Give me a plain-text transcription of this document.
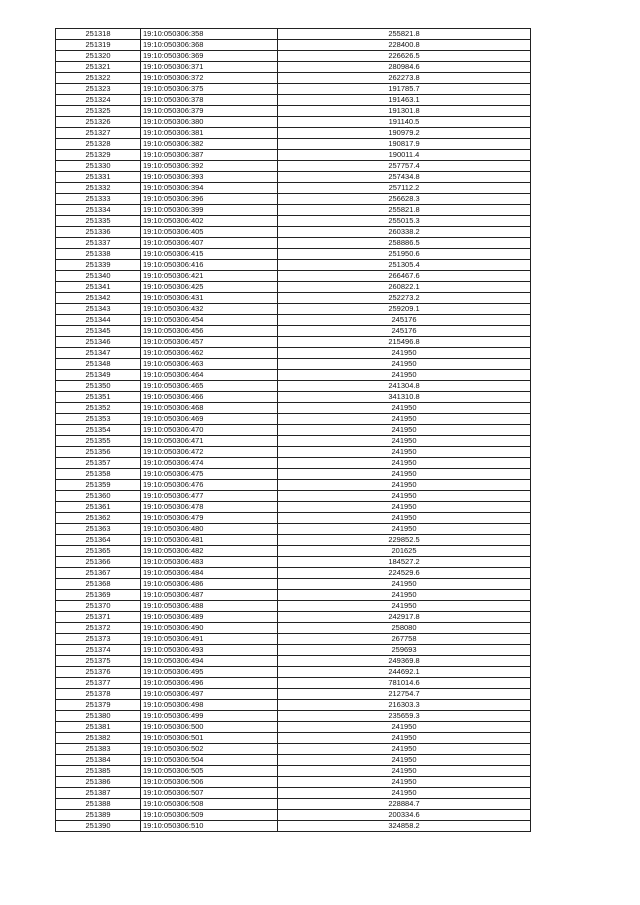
251318	19:10:050306:358	255821.8
251319	19:10:050306:368	228400.8
251320	19:10:050306:369	226626.5
251321	19:10:050306:371	280984.6
251322	19:10:050306:372	262273.8
251323	19:10:050306:375	191785.7
251324	19:10:050306:378	191463.1
251325	19:10:050306:379	191301.8
251326	19:10:050306:380	191140.5
251327	19:10:050306:381	190979.2
251328	19:10:050306:382	190817.9
251329	19:10:050306:387	190011.4
251330	19:10:050306:392	257757.4
251331	19:10:050306:393	257434.8
251332	19:10:050306:394	257112.2
251333	19:10:050306:396	256628.3
251334	19:10:050306:399	255821.8
251335	19:10:050306:402	255015.3
251336	19:10:050306:405	260338.2
251337	19:10:050306:407	258886.5
251338	19:10:050306:415	251950.6
251339	19:10:050306:416	251305.4
251340	19:10:050306:421	266467.6
251341	19:10:050306:425	260822.1
251342	19:10:050306:431	252273.2
251343	19:10:050306:432	259209.1
251344	19:10:050306:454	245176
251345	19:10:050306:456	245176
251346	19:10:050306:457	215496.8
251347	19:10:050306:462	241950
251348	19:10:050306:463	241950
251349	19:10:050306:464	241950
251350	19:10:050306:465	241304.8
251351	19:10:050306:466	341310.8
251352	19:10:050306:468	241950
251353	19:10:050306:469	241950
251354	19:10:050306:470	241950
251355	19:10:050306:471	241950
251356	19:10:050306:472	241950
251357	19:10:050306:474	241950
251358	19:10:050306:475	241950
251359	19:10:050306:476	241950
251360	19:10:050306:477	241950
251361	19:10:050306:478	241950
251362	19:10:050306:479	241950
251363	19:10:050306:480	241950
251364	19:10:050306:481	229852.5
251365	19:10:050306:482	201625
251366	19:10:050306:483	184527.2
251367	19:10:050306:484	224529.6
251368	19:10:050306:486	241950
251369	19:10:050306:487	241950
251370	19:10:050306:488	241950
251371	19:10:050306:489	242917.8
251372	19:10:050306:490	258080
251373	19:10:050306:491	267758
251374	19:10:050306:493	259693
251375	19:10:050306:494	249369.8
251376	19:10:050306:495	244692.1
251377	19:10:050306:496	781014.6
251378	19:10:050306:497	212754.7
251379	19:10:050306:498	216303.3
251380	19:10:050306:499	235659.3
251381	19:10:050306:500	241950
251382	19:10:050306:501	241950
251383	19:10:050306:502	241950
251384	19:10:050306:504	241950
251385	19:10:050306:505	241950
251386	19:10:050306:506	241950
251387	19:10:050306:507	241950
251388	19:10:050306:508	228884.7
251389	19:10:050306:509	200334.6
251390	19:10:050306:510	324858.2
